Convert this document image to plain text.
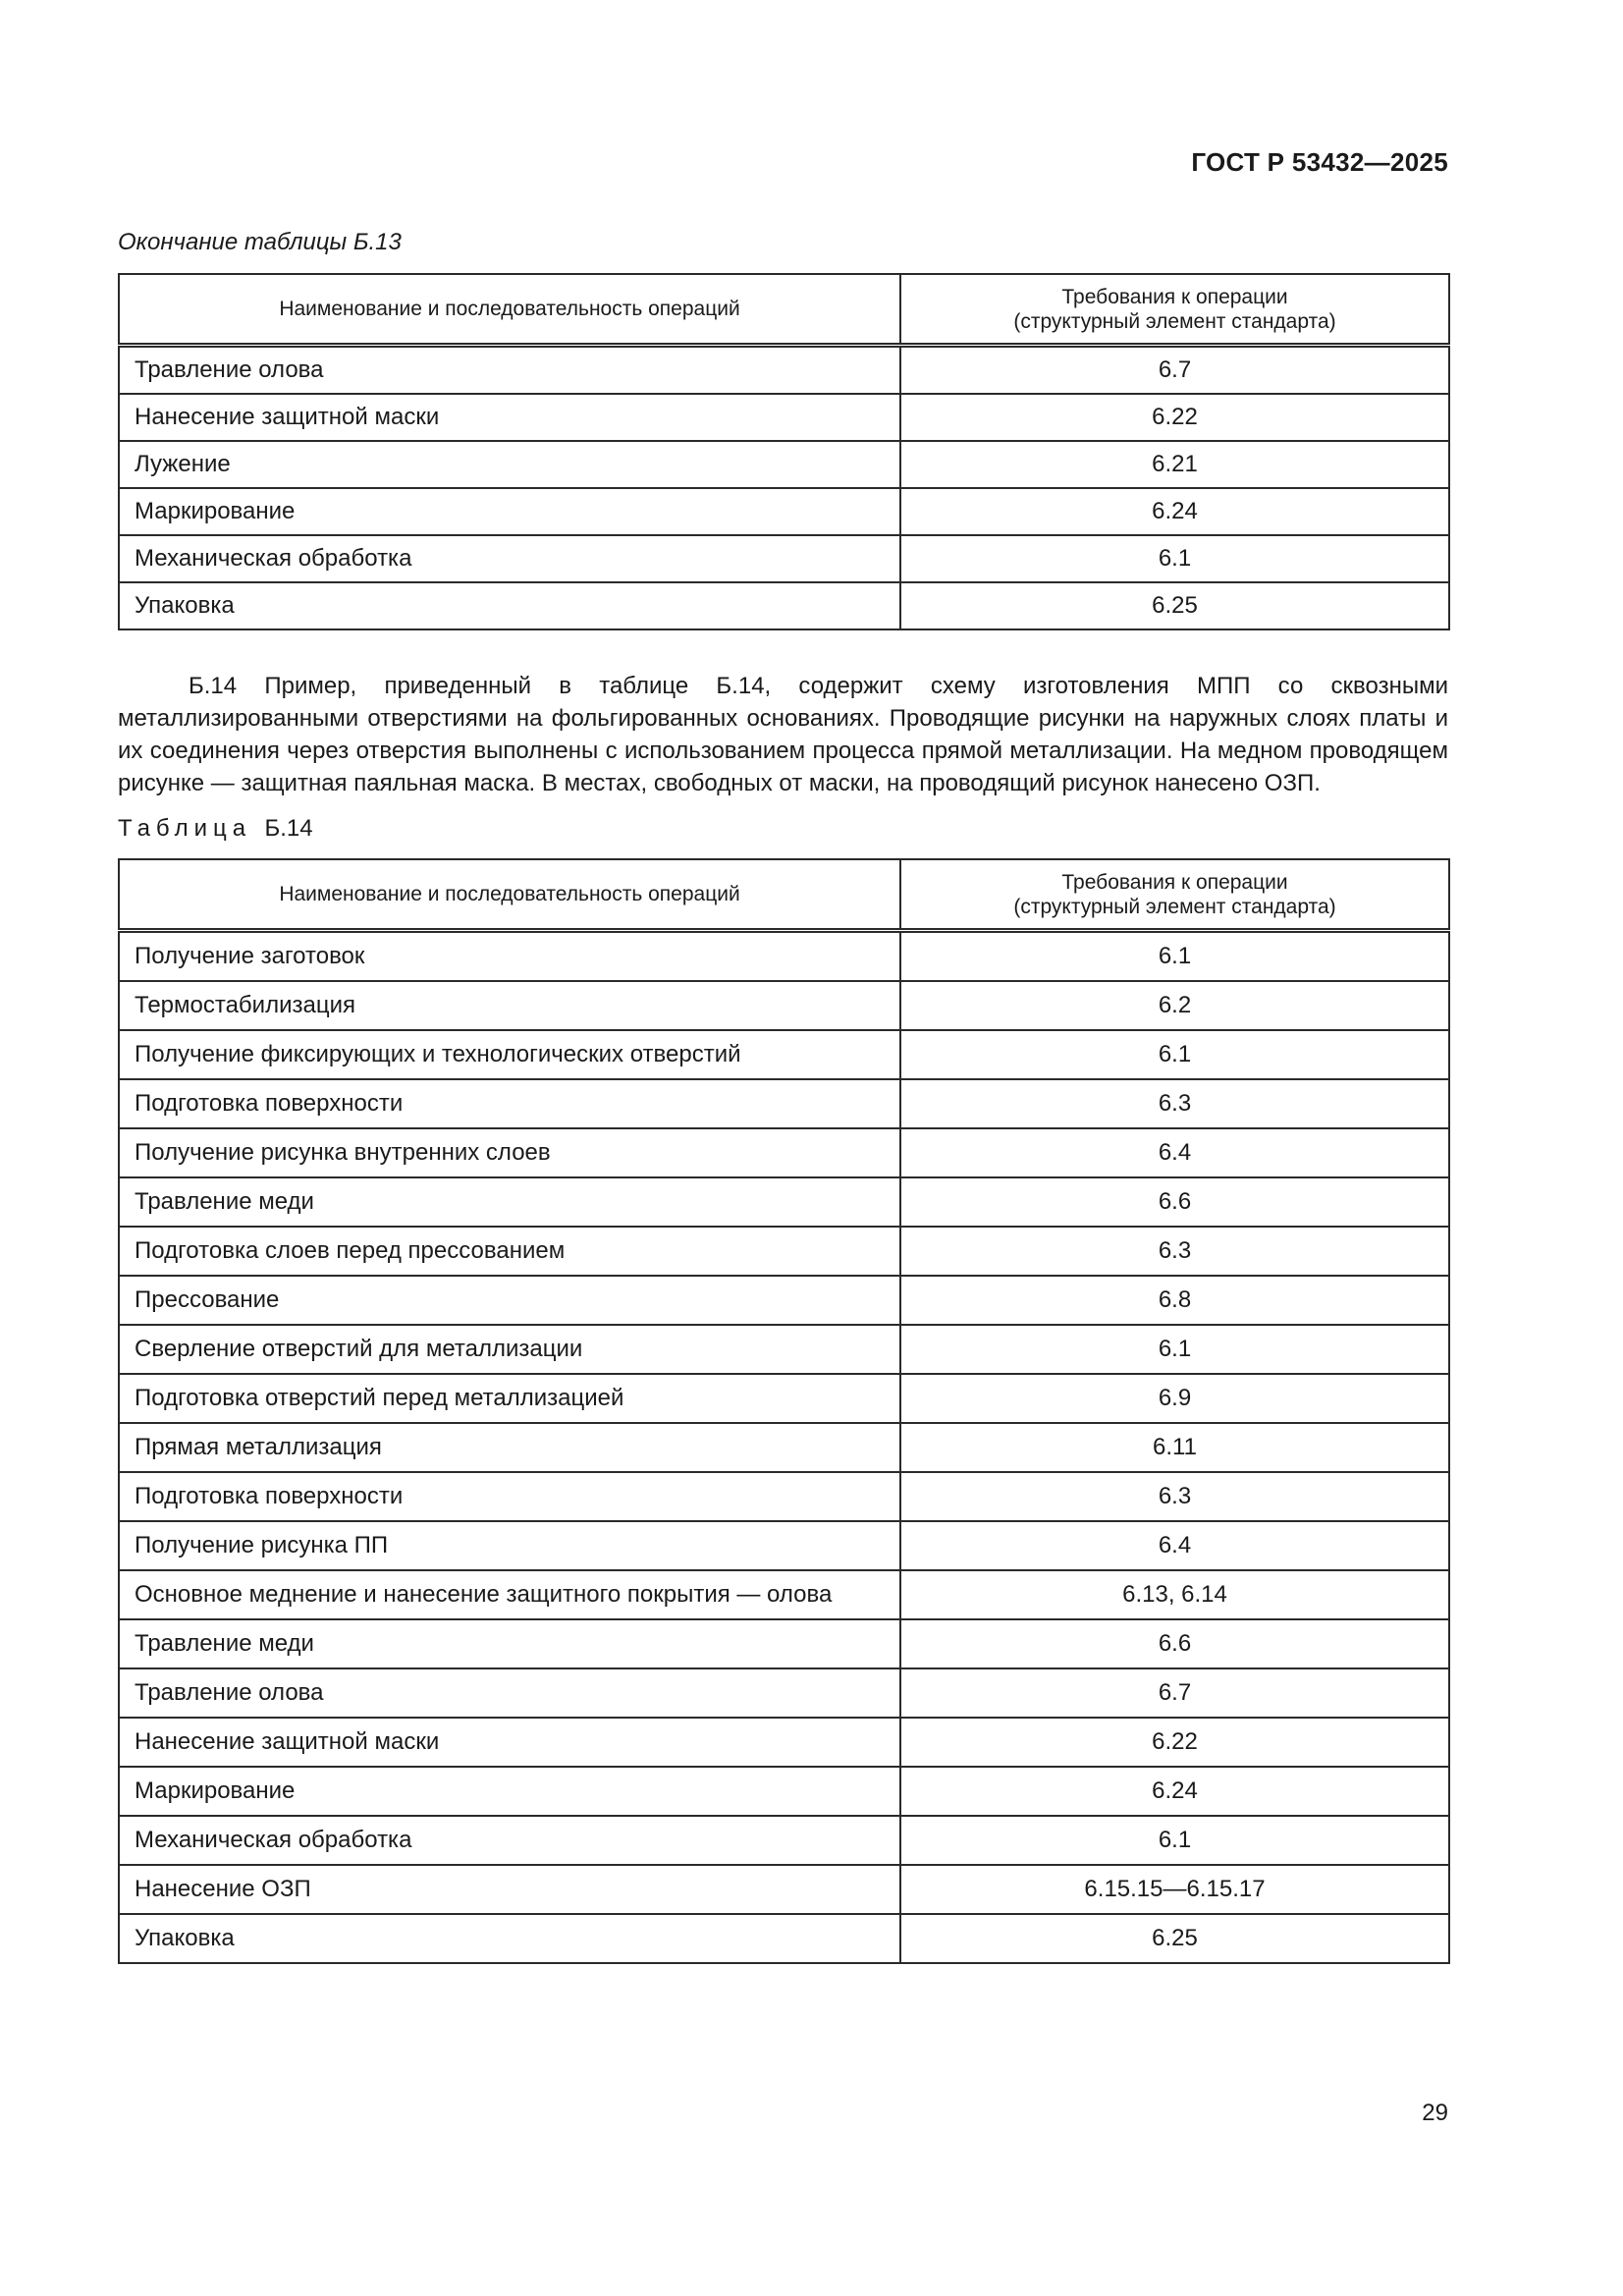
ГОСТ Р 53432—2025
Окончание таблицы Б.13
Наименование и последовательность операций	Требования к операции
(структурный элемент стандарта)
Травление олова	6.7
Нанесение защитной маски	6.22
Лужение	6.21
Маркирование	6.24
Механическая обработка	6.1
Упаковка	6.25
Б.14 Пример, приведенный в таблице Б.14, содержит схему изготовления МПП со сквозными металлизированными отверстиями на фольгированных основаниях. Проводящие рисунки на наружных слоях платы и их соединения через отверстия выполнены с использованием процесса прямой металлизации. На медном проводящем рисунке — защитная паяльная маска. В местах, свободных от маски, на проводящий рисунок нанесено ОЗП.
Таблица Б.14
Наименование и последовательность операций	Требования к операции
(структурный элемент стандарта)
Получение заготовок	6.1
Термостабилизация	6.2
Получение фиксирующих и технологических отверстий	6.1
Подготовка поверхности	6.3
Получение рисунка внутренних слоев	6.4
Травление меди	6.6
Подготовка слоев перед прессованием	6.3
Прессование	6.8
Сверление отверстий для металлизации	6.1
Подготовка отверстий перед металлизацией	6.9
Прямая металлизация	6.11
Подготовка поверхности	6.3
Получение рисунка ПП	6.4
Основное меднение и нанесение защитного покрытия — олова	6.13, 6.14
Травление меди	6.6
Травление олова	6.7
Нанесение защитной маски	6.22
Маркирование	6.24
Механическая обработка	6.1
Нанесение ОЗП	6.15.15—6.15.17
Упаковка	6.25
29
